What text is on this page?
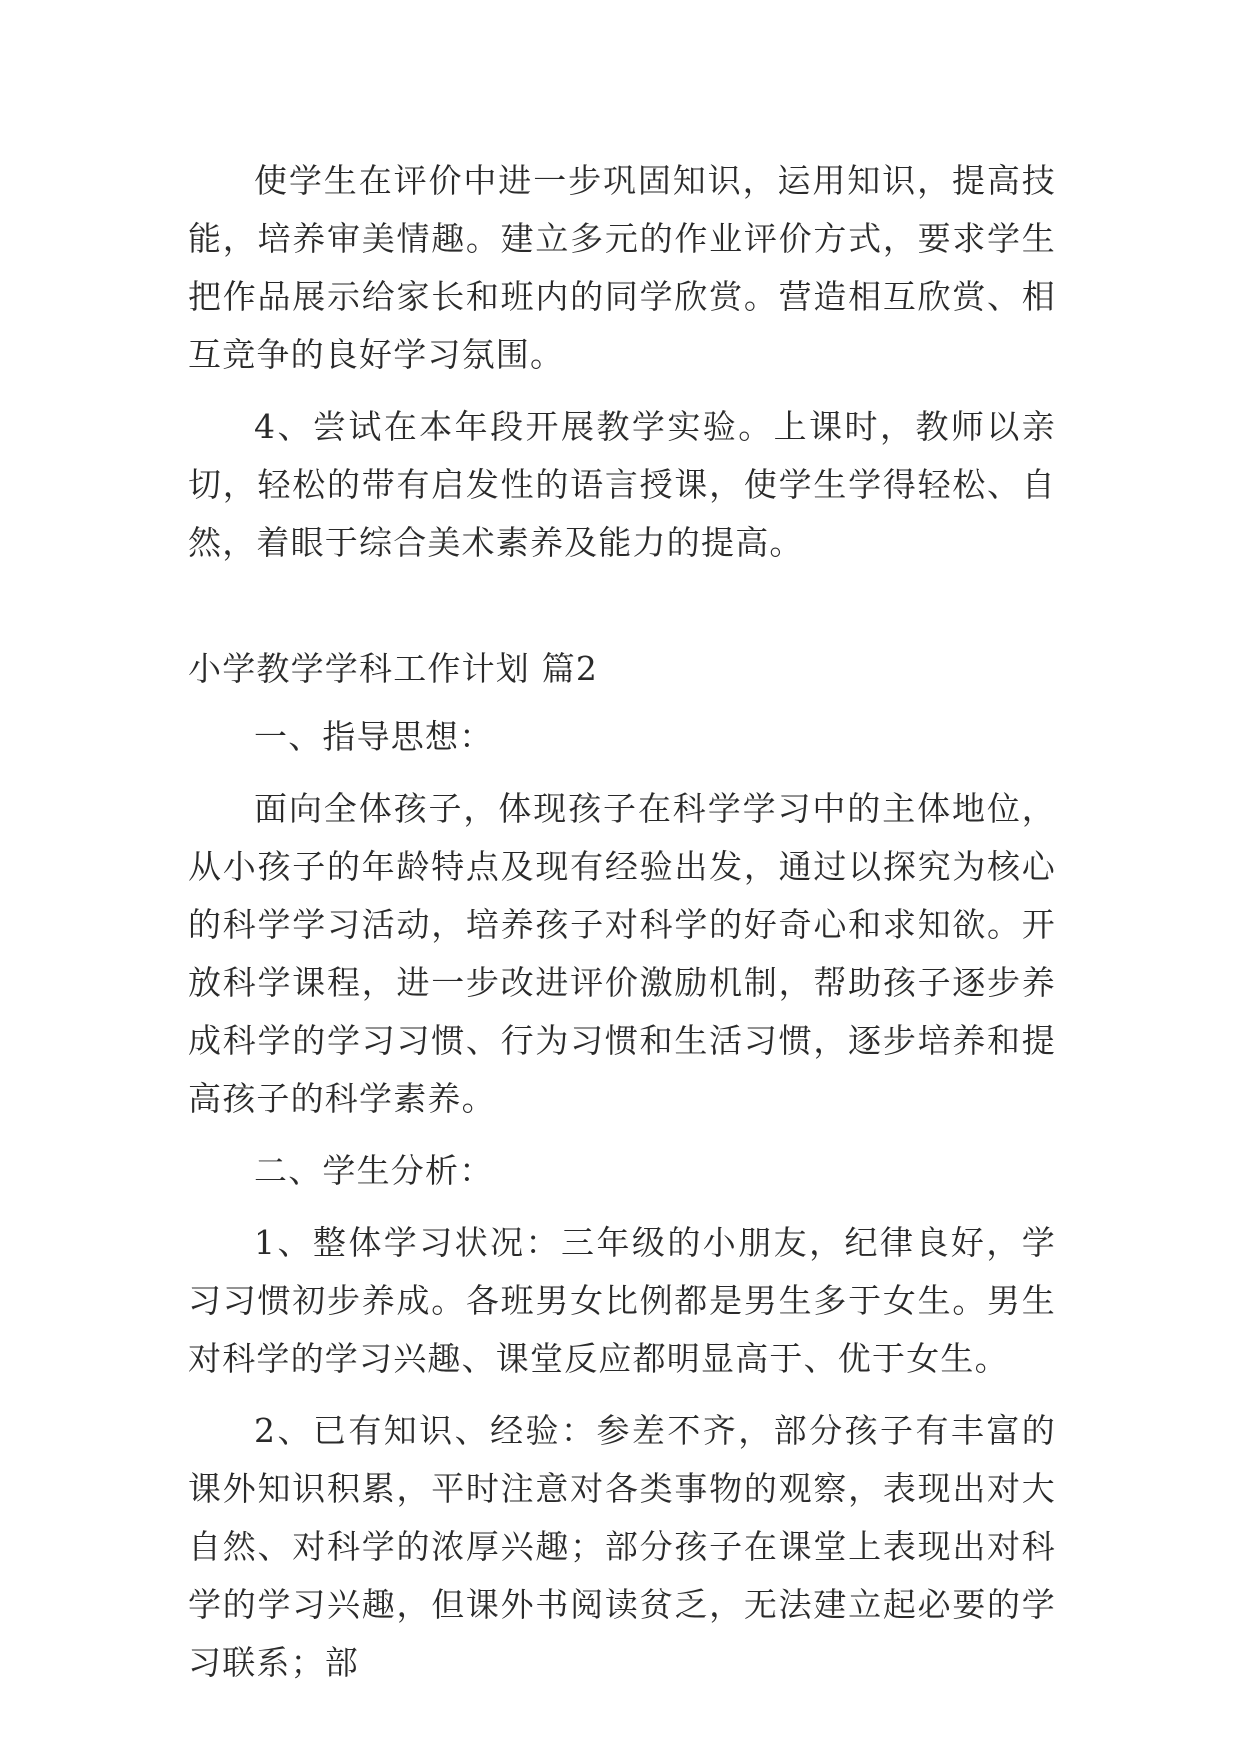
使学生在评价中进一步巩固知识，运用知识，提高技能，培养审美情趣。建立多元的作业评价方式，要求学生把作品展示给家长和班内的同学欣赏。营造相互欣赏、相互竞争的良好学习氛围。

4、尝试在本年段开展教学实验。上课时，教师以亲切，轻松的带有启发性的语言授课，使学生学得轻松、自然，着眼于综合美术素养及能力的提高。

小学教学学科工作计划 篇2

一、指导思想：

面向全体孩子，体现孩子在科学学习中的主体地位，从小孩子的年龄特点及现有经验出发，通过以探究为核心的科学学习活动，培养孩子对科学的好奇心和求知欲。开放科学课程，进一步改进评价激励机制，帮助孩子逐步养成科学的学习习惯、行为习惯和生活习惯，逐步培养和提高孩子的科学素养。

二、学生分析：

1、整体学习状况：三年级的小朋友，纪律良好，学习习惯初步养成。各班男女比例都是男生多于女生。男生对科学的学习兴趣、课堂反应都明显高于、优于女生。

2、已有知识、经验：参差不齐，部分孩子有丰富的课外知识积累，平时注意对各类事物的观察，表现出对大自然、对科学的浓厚兴趣；部分孩子在课堂上表现出对科学的学习兴趣，但课外书阅读贫乏，无法建立起必要的学习联系；部
